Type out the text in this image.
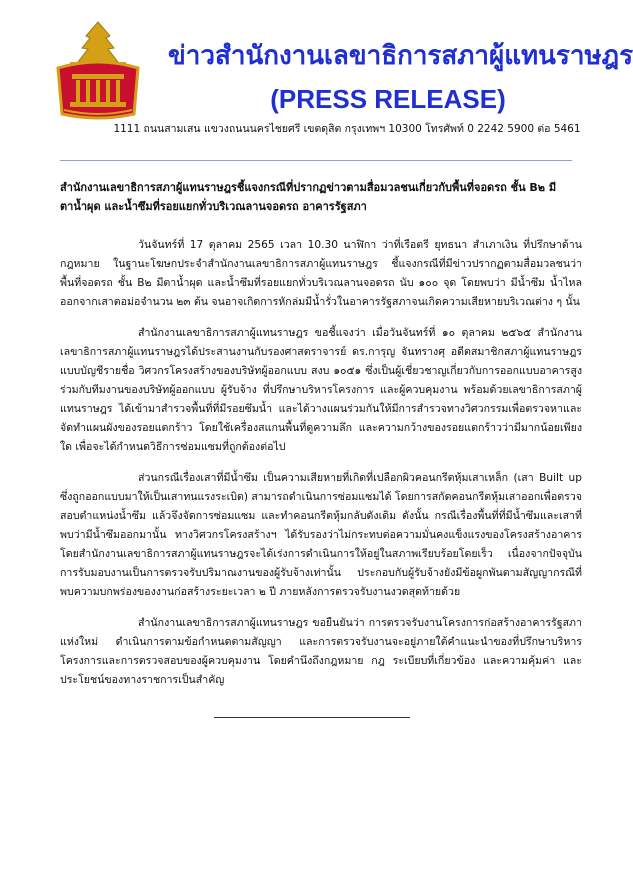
ข่าวสำนักงานเลขาธิการสภาผู้แทนราษฎร
(PRESS RELEASE)
1111 ถนนสามเสน แขวงถนนนครไชยศรี เขตดุสิต กรุงเทพฯ 10300 โทรศัพท์ 0 2242 5900 ต่อ 5461
สำนักงานเลขาธิการสภาผู้แทนราษฎรชี้แจงกรณีที่ปรากฏข่าวตามสื่อมวลชนเกี่ยวกับพื้นที่จอดรถ ชั้น B๒ มีตาน้ำผุด และน้ำซึมที่รอยแยกทั่วบริเวณลานจอดรถ อาคารรัฐสภา

วันจันทร์ที่ 17 ตุลาคม 2565 เวลา 10.30 นาฬิกา ว่าที่เรือตรี ยุทธนา สำเภาเงิน ที่ปรึกษาด้านกฎหมาย ในฐานะโฆษกประจำสำนักงานเลขาธิการสภาผู้แทนราษฎร ชี้แจงกรณีที่มีข่าวปรากฏตามสื่อมวลชนว่าพื้นที่จอดรถ ชั้น B๒ มีตาน้ำผุด และน้ำซึมที่รอยแยกทั่วบริเวณลานจอดรถ นับ ๑๐๐ จุด โดยพบว่า มีน้ำซึม น้ำไหลออกจากเสาตอม่อจำนวน ๒๓ ต้น จนอาจเกิดการหักล่มมีน้ำรั่วในอาคารรัฐสภาจนเกิดความเสียหายบริเวณต่าง ๆ นั้น

สำนักงานเลขาธิการสภาผู้แทนราษฎร ขอชี้แจงว่า เมื่อวันจันทร์ที่ ๑๐ ตุลาคม ๒๕๖๕ สำนักงานเลขาธิการสภาผู้แทนราษฎรได้ประสานงานกับรองศาสตราจารย์ ดร.การุญ จันทรางศุ อดีตสมาชิกสภาผู้แทนราษฎรแบบบัญชีรายชื่อ วิศวกรโครงสร้างของบริษัทผู้ออกแบบ สงบ ๑๐๕๑ ซึ่งเป็นผู้เชี่ยวชาญเกี่ยวกับการออกแบบอาคารสูง ร่วมกับทีมงานของบริษัทผู้ออกแบบ ผู้รับจ้าง ที่ปรึกษาบริหารโครงการ และผู้ควบคุมงาน พร้อมด้วยเลขาธิการสภาผู้แทนราษฎร ได้เข้ามาสำรวจพื้นที่ที่มีรอยซึมน้ำ และได้วางแผนร่วมกันให้มีการสำรวจทางวิศวกรรมเพื่อตรวจหาและจัดทำแผนผังของรอยแตกร้าว โดยใช้เครื่องสแกนพื้นที่ดูความลึก และความกว้างของรอยแตกร้าวว่ามีมากน้อยเพียงใด เพื่อจะได้กำหนดวิธีการซ่อมแซมที่ถูกต้องต่อไป

ส่วนกรณีเรื่องเสาที่มีน้ำซึม เป็นความเสียหายที่เกิดที่เปลือกผิวคอนกรีตหุ้มเสาเหล็ก (เสา Built up ซึ่งถูกออกแบบมาให้เป็นเสาทนแรงระเบิด) สามารถดำเนินการซ่อมแซมได้ โดยการสกัดคอนกรีตหุ้มเสาออกเพื่อตรวจสอบตำแหน่งน้ำซึม แล้วจึงจัดการซ่อมแซม และทำคอนกรีตหุ้มกลับดังเดิม ดังนั้น กรณีเรื่องพื้นที่ที่มีน้ำซึมและเสาที่พบว่ามีน้ำซึมออกมานั้น ทางวิศวกรโครงสร้างฯ ได้รับรองว่าไม่กระทบต่อความมั่นคงแข็งแรงของโครงสร้างอาคาร โดยสำนักงานเลขาธิการสภาผู้แทนราษฎรจะได้เร่งการดำเนินการให้อยู่ในสภาพเรียบร้อยโดยเร็ว เนื่องจากปัจจุบันการรับมอบงานเป็นการตรวจรับปริมาณงานของผู้รับจ้างเท่านั้น ประกอบกับผู้รับจ้างยังมีข้อผูกพันตามสัญญากรณีที่พบความบกพร่องของงานก่อสร้างระยะเวลา ๒ ปี ภายหลังการตรวจรับงานงวดสุดท้ายด้วย

สำนักงานเลขาธิการสภาผู้แทนราษฎร ขอยืนยันว่า การตรวจรับงานโครงการก่อสร้างอาคารรัฐสภาแห่งใหม่ ดำเนินการตามข้อกำหนดตามสัญญา และการตรวจรับงานจะอยู่ภายใต้คำแนะนำของที่ปรึกษาบริหารโครงการและการตรวจสอบของผู้ควบคุมงาน โดยคำนึงถึงกฎหมาย กฎ ระเบียบที่เกี่ยวข้อง และความคุ้มค่า และประโยชน์ของทางราชการเป็นสำคัญ
